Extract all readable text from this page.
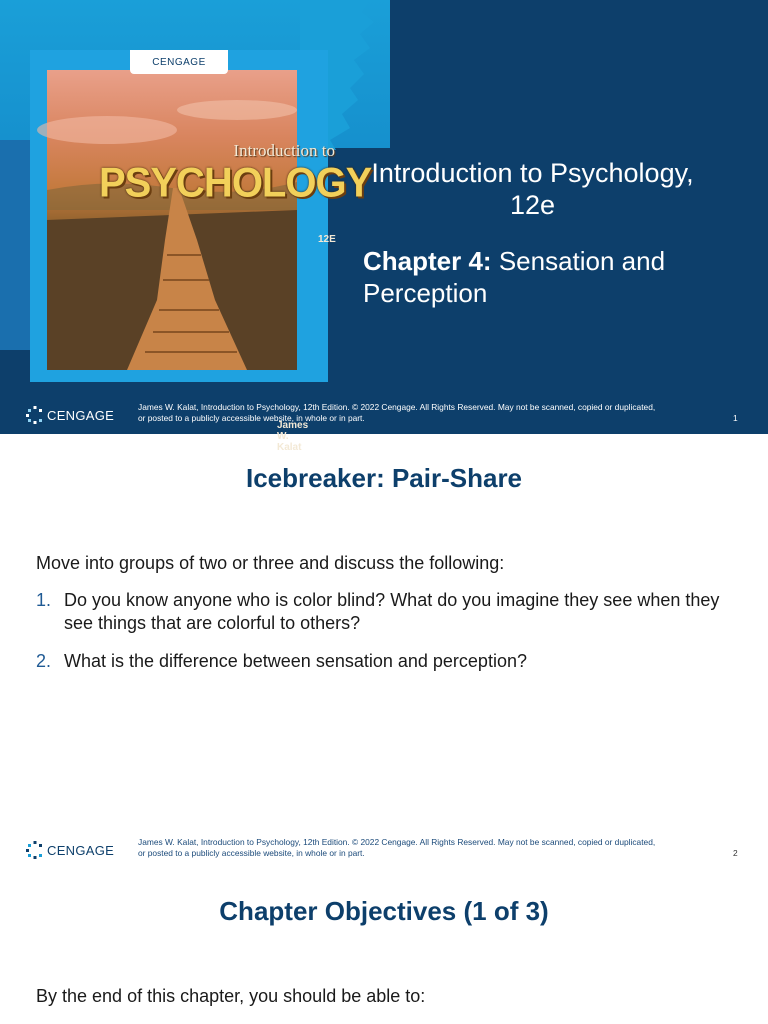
Introduction to
PSYCHOLOGY
12E
James W. Kalat
CENGAGE
Introduction to Psychology,
12e
Chapter 4: Sensation and
Perception
CENGAGE
James W. Kalat, Introduction to Psychology, 12th Edition. © 2022 Cengage. All Rights Reserved. May not be scanned, copied or duplicated,
or posted to a publicly accessible website, in whole or in part.	1
Icebreaker: Pair-Share
Move into groups of two or three and discuss the following:
1. Do you know anyone who is color blind? What do you imagine they see when they see things that are colorful to others?
2. What is the difference between sensation and perception?
CENGAGE
James W. Kalat, Introduction to Psychology, 12th Edition. © 2022 Cengage. All Rights Reserved. May not be scanned, copied or duplicated,
or posted to a publicly accessible website, in whole or in part.	2
Chapter Objectives (1 of 3)
By the end of this chapter, you should be able to:
